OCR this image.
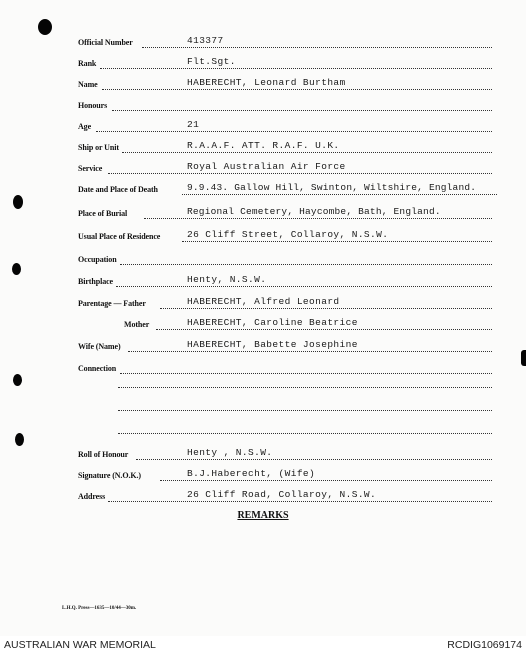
Official Number	413377
Rank	Flt.Sgt.
Name	HABERECHT, Leonard Burtham
Honours
Age	21
Ship or Unit	R.A.A.F. ATT. R.A.F. U.K.
Service	Royal Australian Air Force
Date and Place of Death	9.9.43. Gallow Hill, Swinton, Wiltshire, England.
Place of Burial	Regional Cemetery, Haycombe, Bath, England.
Usual Place of Residence	26 Cliff Street, Collaroy, N.S.W.
Occupation
Birthplace	Henty, N.S.W.
Parentage — Father	HABERECHT, Alfred Leonard
Mother	HABERECHT, Caroline Beatrice
Wife (Name)	HABERECHT, Babette Josephine
Connection
Roll of Honour	Henty , N.S.W.
Signature (N.O.K.)	B.J.Haberecht, (Wife)
Address	26 Cliff Road, Collaroy, N.S.W.
REMARKS
L.H.Q. Press—1635—10/44—30m.
AUSTRALIAN WAR MEMORIAL	RCDIG1069174
